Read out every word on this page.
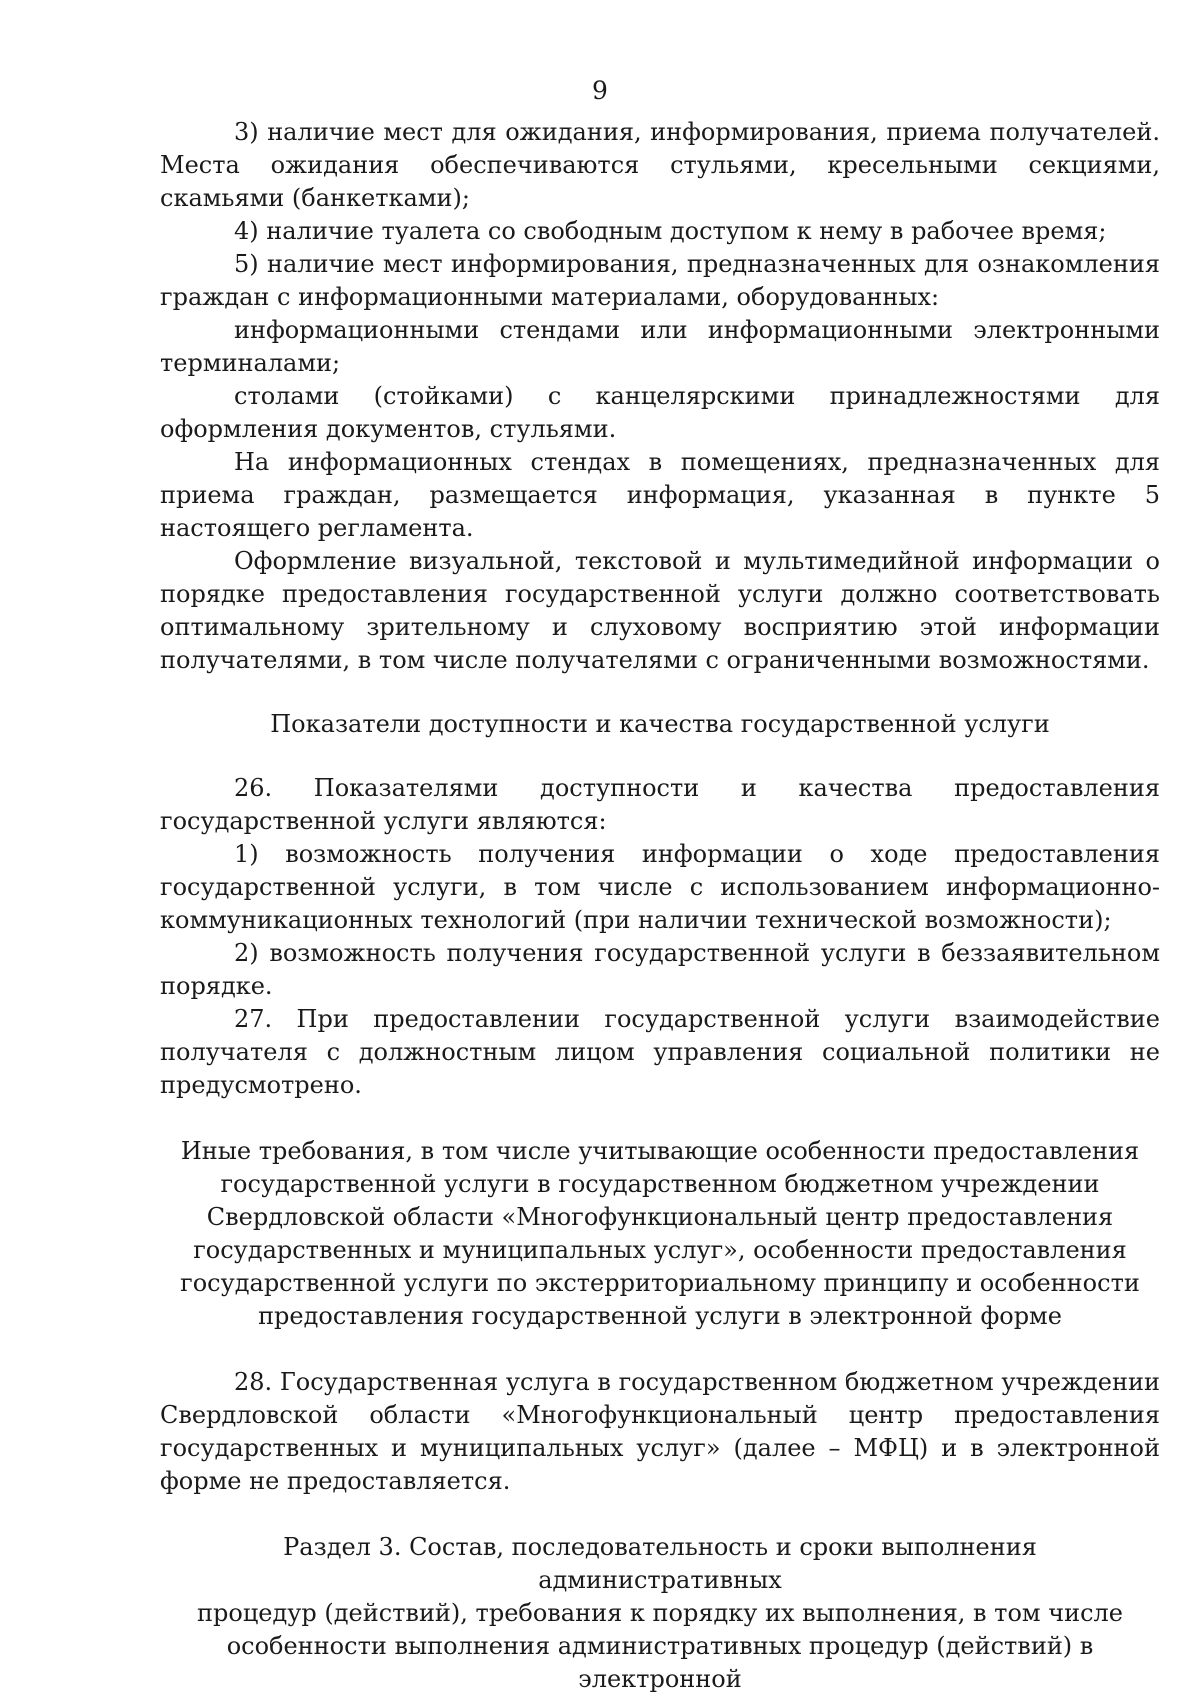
9

3) наличие мест для ожидания, информирования, приема получателей. Места ожидания обеспечиваются стульями, кресельными секциями, скамьями (банкетками);

4) наличие туалета со свободным доступом к нему в рабочее время;

5) наличие мест информирования, предназначенных для ознакомления граждан с информационными материалами, оборудованных:

информационными стендами или информационными электронными терминалами;

столами (стойками) с канцелярскими принадлежностями для оформления документов, стульями.

На информационных стендах в помещениях, предназначенных для приема граждан, размещается информация, указанная в пункте 5 настоящего регламента.

Оформление визуальной, текстовой и мультимедийной информации о порядке предоставления государственной услуги должно соответствовать оптимальному зрительному и слуховому восприятию этой информации получателями, в том числе получателями с ограниченными возможностями.

Показатели доступности и качества государственной услуги

26. Показателями доступности и качества предоставления государственной услуги являются:

1) возможность получения информации о ходе предоставления государственной услуги, в том числе с использованием информационно-коммуникационных технологий (при наличии технической возможности);

2) возможность получения государственной услуги в беззаявительном порядке.

27. При предоставлении государственной услуги взаимодействие получателя с должностным лицом управления социальной политики не предусмотрено.

Иные требования, в том числе учитывающие особенности предоставления

государственной услуги в государственном бюджетном учреждении

Свердловской области «Многофункциональный центр предоставления

государственных и муниципальных услуг», особенности предоставления

государственной услуги по экстерриториальному принципу и особенности

предоставления государственной услуги в электронной форме

28. Государственная услуга в государственном бюджетном учреждении Свердловской области «Многофункциональный центр предоставления государственных и муниципальных услуг» (далее – МФЦ) и в электронной форме не предоставляется.

Раздел 3. Состав, последовательность и сроки выполнения административных

процедур (действий), требования к порядку их выполнения, в том числе

особенности выполнения административных процедур (действий) в электронной
